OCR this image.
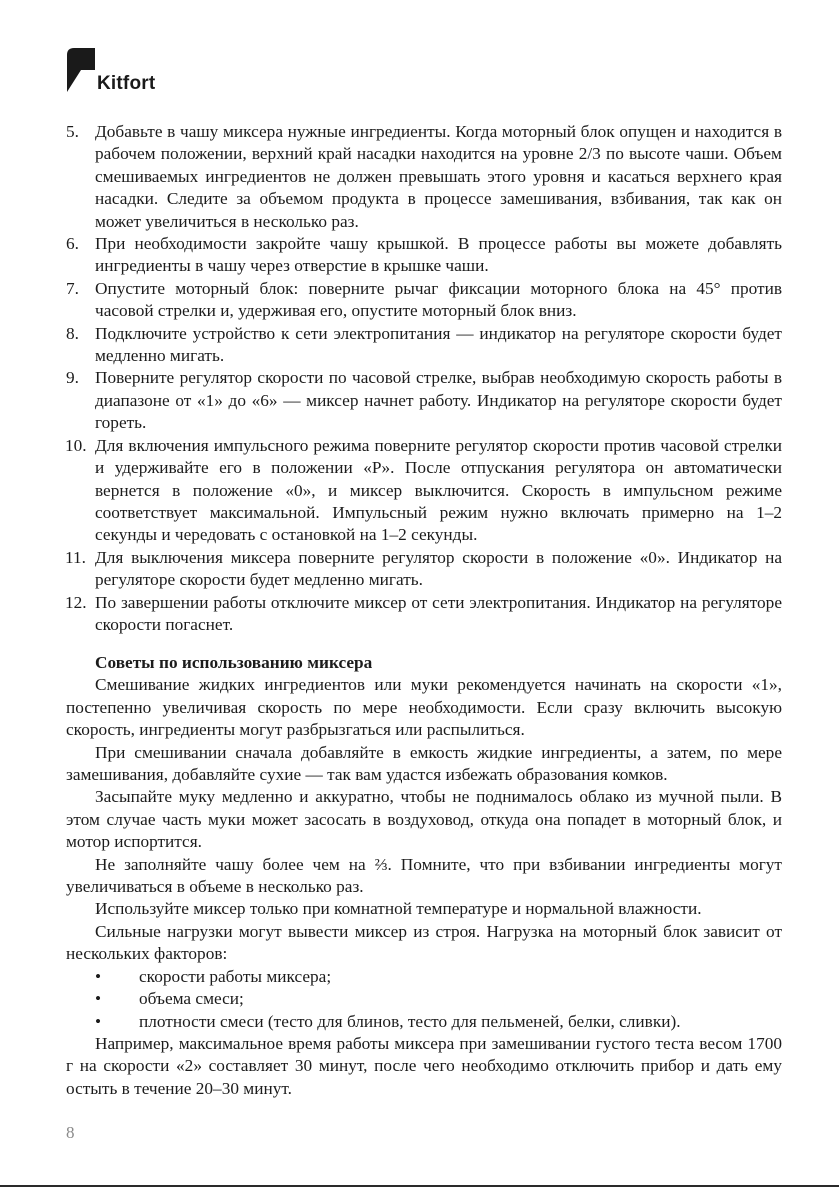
Kitfort
5. Добавьте в чашу миксера нужные ингредиенты. Когда моторный блок опущен и находится в рабочем положении, верхний край насадки находится на уровне 2/3 по высоте чаши. Объем смешиваемых ингредиентов не должен превышать этого уровня и касаться верхнего края насадки. Следите за объемом продукта в процессе замешивания, взбивания, так как он может увеличиться в несколько раз.
6. При необходимости закройте чашу крышкой. В процессе работы вы можете добавлять ингредиенты в чашу через отверстие в крышке чаши.
7. Опустите моторный блок: поверните рычаг фиксации моторного блока на 45° против часовой стрелки и, удерживая его, опустите моторный блок вниз.
8. Подключите устройство к сети электропитания — индикатор на регуляторе скорости будет медленно мигать.
9. Поверните регулятор скорости по часовой стрелке, выбрав необходимую скорость работы в диапазоне от «1» до «6» — миксер начнет работу. Индикатор на регуляторе скорости будет гореть.
10. Для включения импульсного режима поверните регулятор скорости против часовой стрелки и удерживайте его в положении «P». После отпускания регулятора он автоматически вернется в положение «0», и миксер выключится. Скорость в импульсном режиме соответствует максимальной. Импульсный режим нужно включать примерно на 1–2 секунды и чередовать с остановкой на 1–2 секунды.
11. Для выключения миксера поверните регулятор скорости в положение «0». Индикатор на регуляторе скорости будет медленно мигать.
12. По завершении работы отключите миксер от сети электропитания. Индикатор на регуляторе скорости погаснет.
Советы по использованию миксера

Смешивание жидких ингредиентов или муки рекомендуется начинать на скорости «1», постепенно увеличивая скорость по мере необходимости. Если сразу включить высокую скорость, ингредиенты могут разбрызгаться или распылиться.

При смешивании сначала добавляйте в емкость жидкие ингредиенты, а затем, по мере замешивания, добавляйте сухие — так вам удастся избежать образования комков.

Засыпайте муку медленно и аккуратно, чтобы не поднималось облако из мучной пыли. В этом случае часть муки может засосать в воздуховод, откуда она попадет в моторный блок, и мотор испортится.

Не заполняйте чашу более чем на ⅔. Помните, что при взбивании ингредиенты могут увеличиваться в объеме в несколько раз.

Используйте миксер только при комнатной температуре и нормальной влажности.

Сильные нагрузки могут вывести миксер из строя. Нагрузка на моторный блок зависит от нескольких факторов:

• скорости работы миксера;
• объема смеси;
• плотности смеси (тесто для блинов, тесто для пельменей, белки, сливки).

Например, максимальное время работы миксера при замешивании густого теста весом 1700 г на скорости «2» составляет 30 минут, после чего необходимо отключить прибор и дать ему остыть в течение 20–30 минут.

8
